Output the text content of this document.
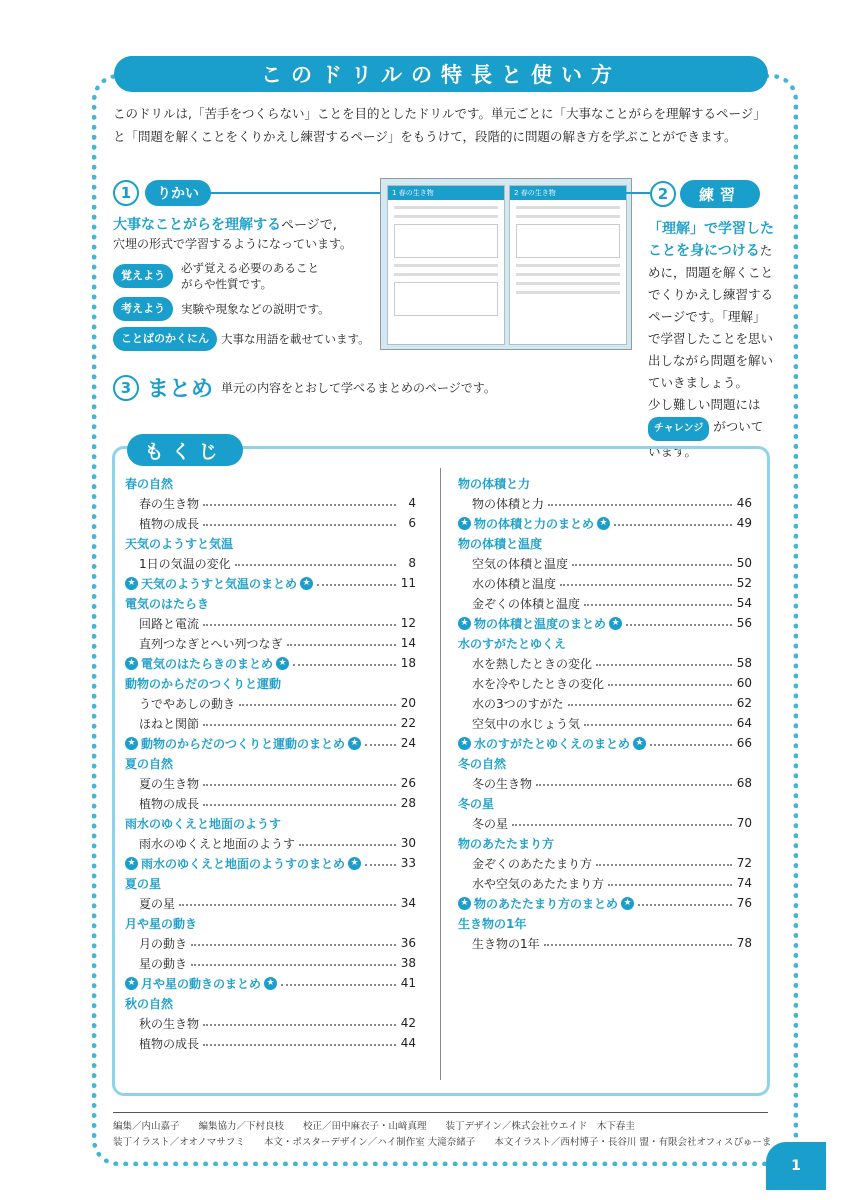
このドリルの特長と使い方
このドリルは,「苦手をつくらない」ことを目的としたドリルです。単元ごとに「大事なことがらを理解するページ」
と「問題を解くことをくりかえし練習するページ」をもうけて，段階的に問題の解き方を学ぶことができます。
1	りかい
大事なことがらを理解するページで,
穴埋の形式で学習するようになっています。
覚えよう
必ず覚える必要のあること
がらや性質です。
考えよう	実験や現象などの説明です。
ことばのかくにん	大事な用語を載せています。
1 春の生き物	2 春の生き物	2	練習
「理解」で学習した
ことを身につけるために，問題を解くことでくりかえし練習するページです。「理解」で学習したことを思い出しながら問題を解いていきましょう。
少し難しい問題には
チャレンジ がついています。
3 まとめ 単元の内容をとおして学べるまとめのページです。
もくじ
春の自然
春の生き物	4
植物の成長	6
天気のようすと気温
1日の気温の変化	8
★ 天気のようすと気温のまとめ ★	11
電気のはたらき
回路と電流	12
直列つなぎとへい列つなぎ	14
★ 電気のはたらきのまとめ ★	18
動物のからだのつくりと運動
うでやあしの動き	20
ほねと関節	22
★ 動物のからだのつくりと運動のまとめ ★	24
夏の自然
夏の生き物	26
植物の成長	28
雨水のゆくえと地面のようす
雨水のゆくえと地面のようす	30
★ 雨水のゆくえと地面のようすのまとめ ★	33
夏の星
夏の星	34
月や星の動き
月の動き	36
星の動き	38
★ 月や星の動きのまとめ ★	41
秋の自然
秋の生き物	42
植物の成長	44
物の体積と力
物の体積と力	46
★ 物の体積と力のまとめ ★	49
物の体積と温度
空気の体積と温度	50
水の体積と温度	52
金ぞくの体積と温度	54
★ 物の体積と温度のまとめ ★	56
水のすがたとゆくえ
水を熱したときの変化	58
水を冷やしたときの変化	60
水の3つのすがた	62
空気中の水じょう気	64
★ 水のすがたとゆくえのまとめ ★	66
冬の自然
冬の生き物	68
冬の星
冬の星	70
物のあたたまり方
金ぞくのあたたまり方	72
水や空気のあたたまり方	74
★ 物のあたたまり方のまとめ ★	76
生き物の1年
生き物の1年	78
編集／内山嘉子　　編集協力／下村良枝　　校正／田中麻衣子・山﨑真理　　装丁デザイン／株式会社ウエイド　木下春圭
装丁イラスト／オオノマサフミ　　本文・ポスターデザイン／ハイ制作室 大滝奈緒子　　本文イラスト／西村博子・長谷川 盟・有限会社オフィスぴゅーま
1
